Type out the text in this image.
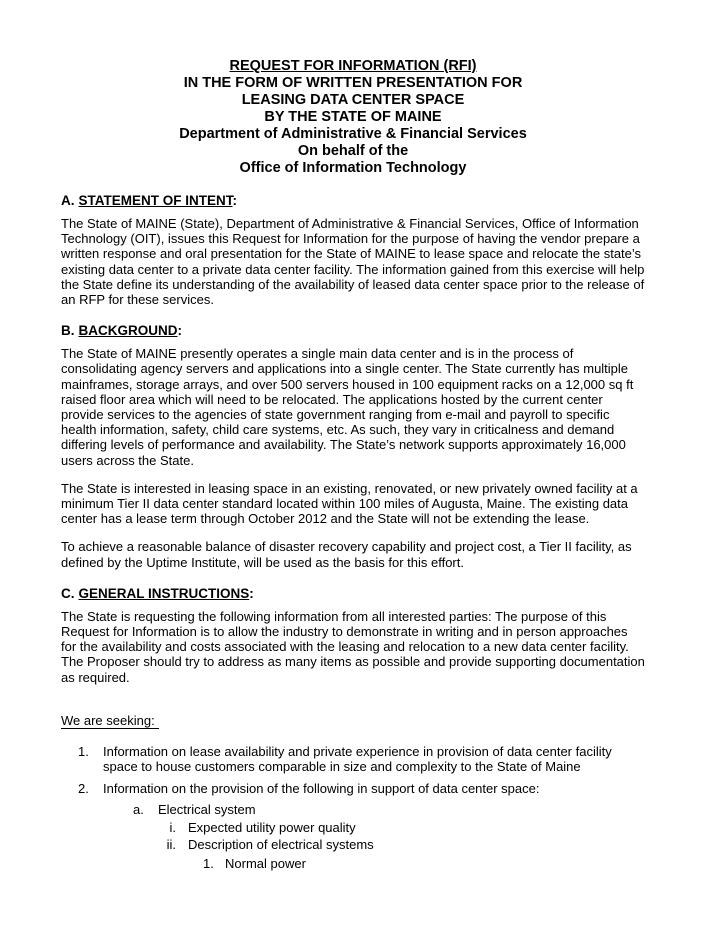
REQUEST FOR INFORMATION (RFI)
IN THE FORM OF WRITTEN PRESENTATION FOR
LEASING DATA CENTER SPACE
BY THE STATE OF MAINE
Department of Administrative & Financial Services
On behalf of the
Office of Information Technology
A. STATEMENT OF INTENT:
The State of MAINE (State), Department of Administrative & Financial Services, Office of Information Technology (OIT), issues this Request for Information for the purpose of having the vendor prepare a written response and oral presentation for the State of MAINE to lease space and relocate the state’s existing data center to a private data center facility. The information gained from this exercise will help the State define its understanding of the availability of leased data center space prior to the release of an RFP for these services.
B. BACKGROUND:
The State of MAINE presently operates a single main data center and is in the process of consolidating agency servers and applications into a single center. The State currently has multiple mainframes, storage arrays, and over 500 servers housed in 100 equipment racks on a 12,000 sq ft raised floor area which will need to be relocated. The applications hosted by the current center provide services to the agencies of state government ranging from e-mail and payroll to specific health information, safety, child care systems, etc. As such, they vary in criticalness and demand differing levels of performance and availability. The State’s network supports approximately 16,000 users across the State.
The State is interested in leasing space in an existing, renovated, or new privately owned facility at a minimum Tier II data center standard located within 100 miles of Augusta, Maine. The existing data center has a lease term through October 2012 and the State will not be extending the lease.
To achieve a reasonable balance of disaster recovery capability and project cost, a Tier II facility, as defined by the Uptime Institute, will be used as the basis for this effort.
C. GENERAL INSTRUCTIONS:
The State is requesting the following information from all interested parties: The purpose of this Request for Information is to allow the industry to demonstrate in writing and in person approaches for the availability and costs associated with the leasing and relocation to a new data center facility. The Proposer should try to address as many items as possible and provide supporting documentation as required.
We are seeking:
1.	Information on lease availability and private experience in provision of data center facility space to house customers comparable in size and complexity to the State of Maine
2.	Information on the provision of the following in support of data center space:
a.	Electrical system
i. Expected utility power quality
ii. Description of electrical systems
1. Normal power
